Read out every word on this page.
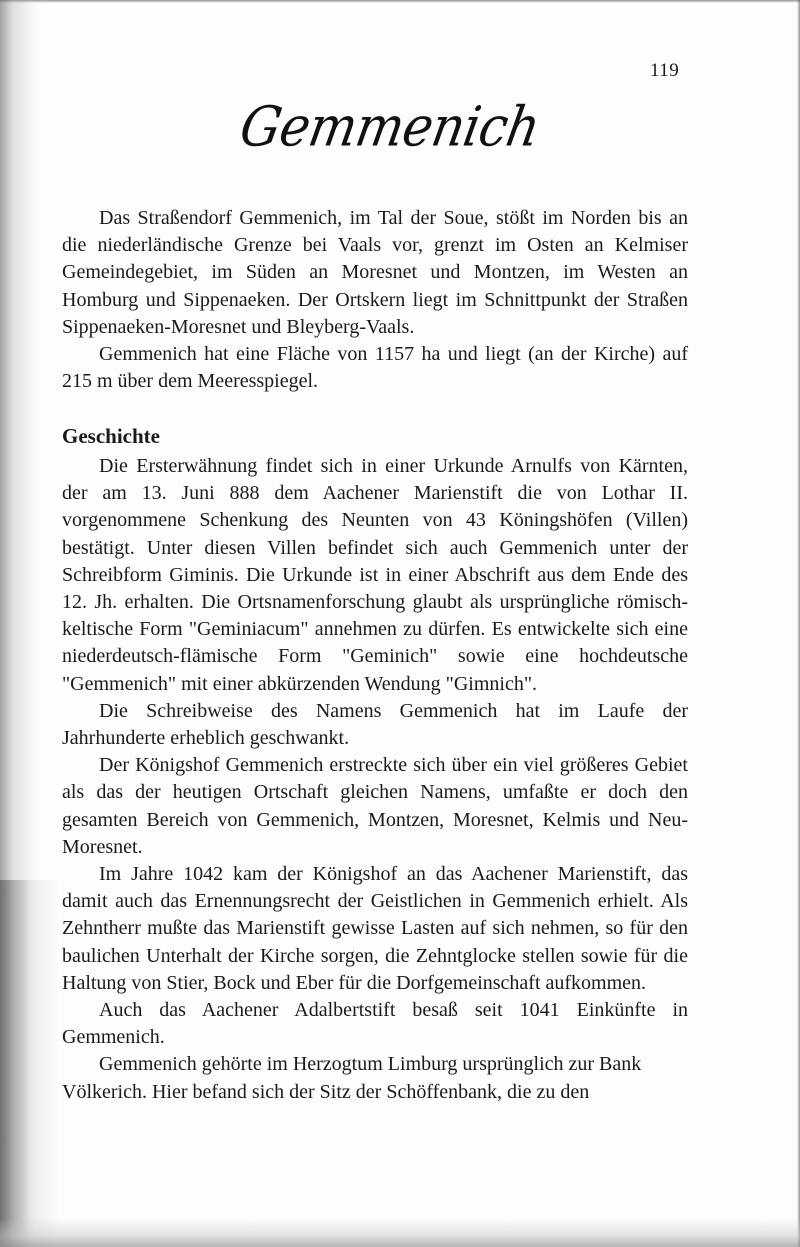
119
Gemmenich

Das Straßendorf Gemmenich, im Tal der Soue, stößt im Norden bis an die niederländische Grenze bei Vaals vor, grenzt im Osten an Kelmiser Gemeindegebiet, im Süden an Moresnet und Montzen, im Westen an Homburg und Sippenaeken. Der Ortskern liegt im Schnittpunkt der Straßen Sippenaeken-Moresnet und Bleyberg-Vaals.

Gemmenich hat eine Fläche von 1157 ha und liegt (an der Kirche) auf 215 m über dem Meeresspiegel.

Geschichte

Die Ersterwähnung findet sich in einer Urkunde Arnulfs von Kärnten, der am 13. Juni 888 dem Aachener Marienstift die von Lothar II. vorgenommene Schenkung des Neunten von 43 Köningshöfen (Villen) bestätigt. Unter diesen Villen befindet sich auch Gemmenich unter der Schreibform Giminis. Die Urkunde ist in einer Abschrift aus dem Ende des 12. Jh. erhalten. Die Ortsnamenforschung glaubt als ursprüngliche römisch-keltische Form "Geminiacum" annehmen zu dürfen. Es entwickelte sich eine niederdeutsch-flämische Form "Geminich" sowie eine hochdeutsche "Gemmenich" mit einer abkürzenden Wendung "Gimnich".

Die Schreibweise des Namens Gemmenich hat im Laufe der Jahrhunderte erheblich geschwankt.

Der Königshof Gemmenich erstreckte sich über ein viel größeres Gebiet als das der heutigen Ortschaft gleichen Namens, umfaßte er doch den gesamten Bereich von Gemmenich, Montzen, Moresnet, Kelmis und Neu-Moresnet.

Im Jahre 1042 kam der Königshof an das Aachener Marienstift, das damit auch das Ernennungsrecht der Geistlichen in Gemmenich erhielt. Als Zehntherr mußte das Marienstift gewisse Lasten auf sich nehmen, so für den baulichen Unterhalt der Kirche sorgen, die Zehntglocke stellen sowie für die Haltung von Stier, Bock und Eber für die Dorfgemeinschaft aufkommen.

Auch das Aachener Adalbertstift besaß seit 1041 Einkünfte in Gemmenich.

Gemmenich gehörte im Herzogtum Limburg ursprünglich zur Bank Völkerich. Hier befand sich der Sitz der Schöffenbank, die zu den
